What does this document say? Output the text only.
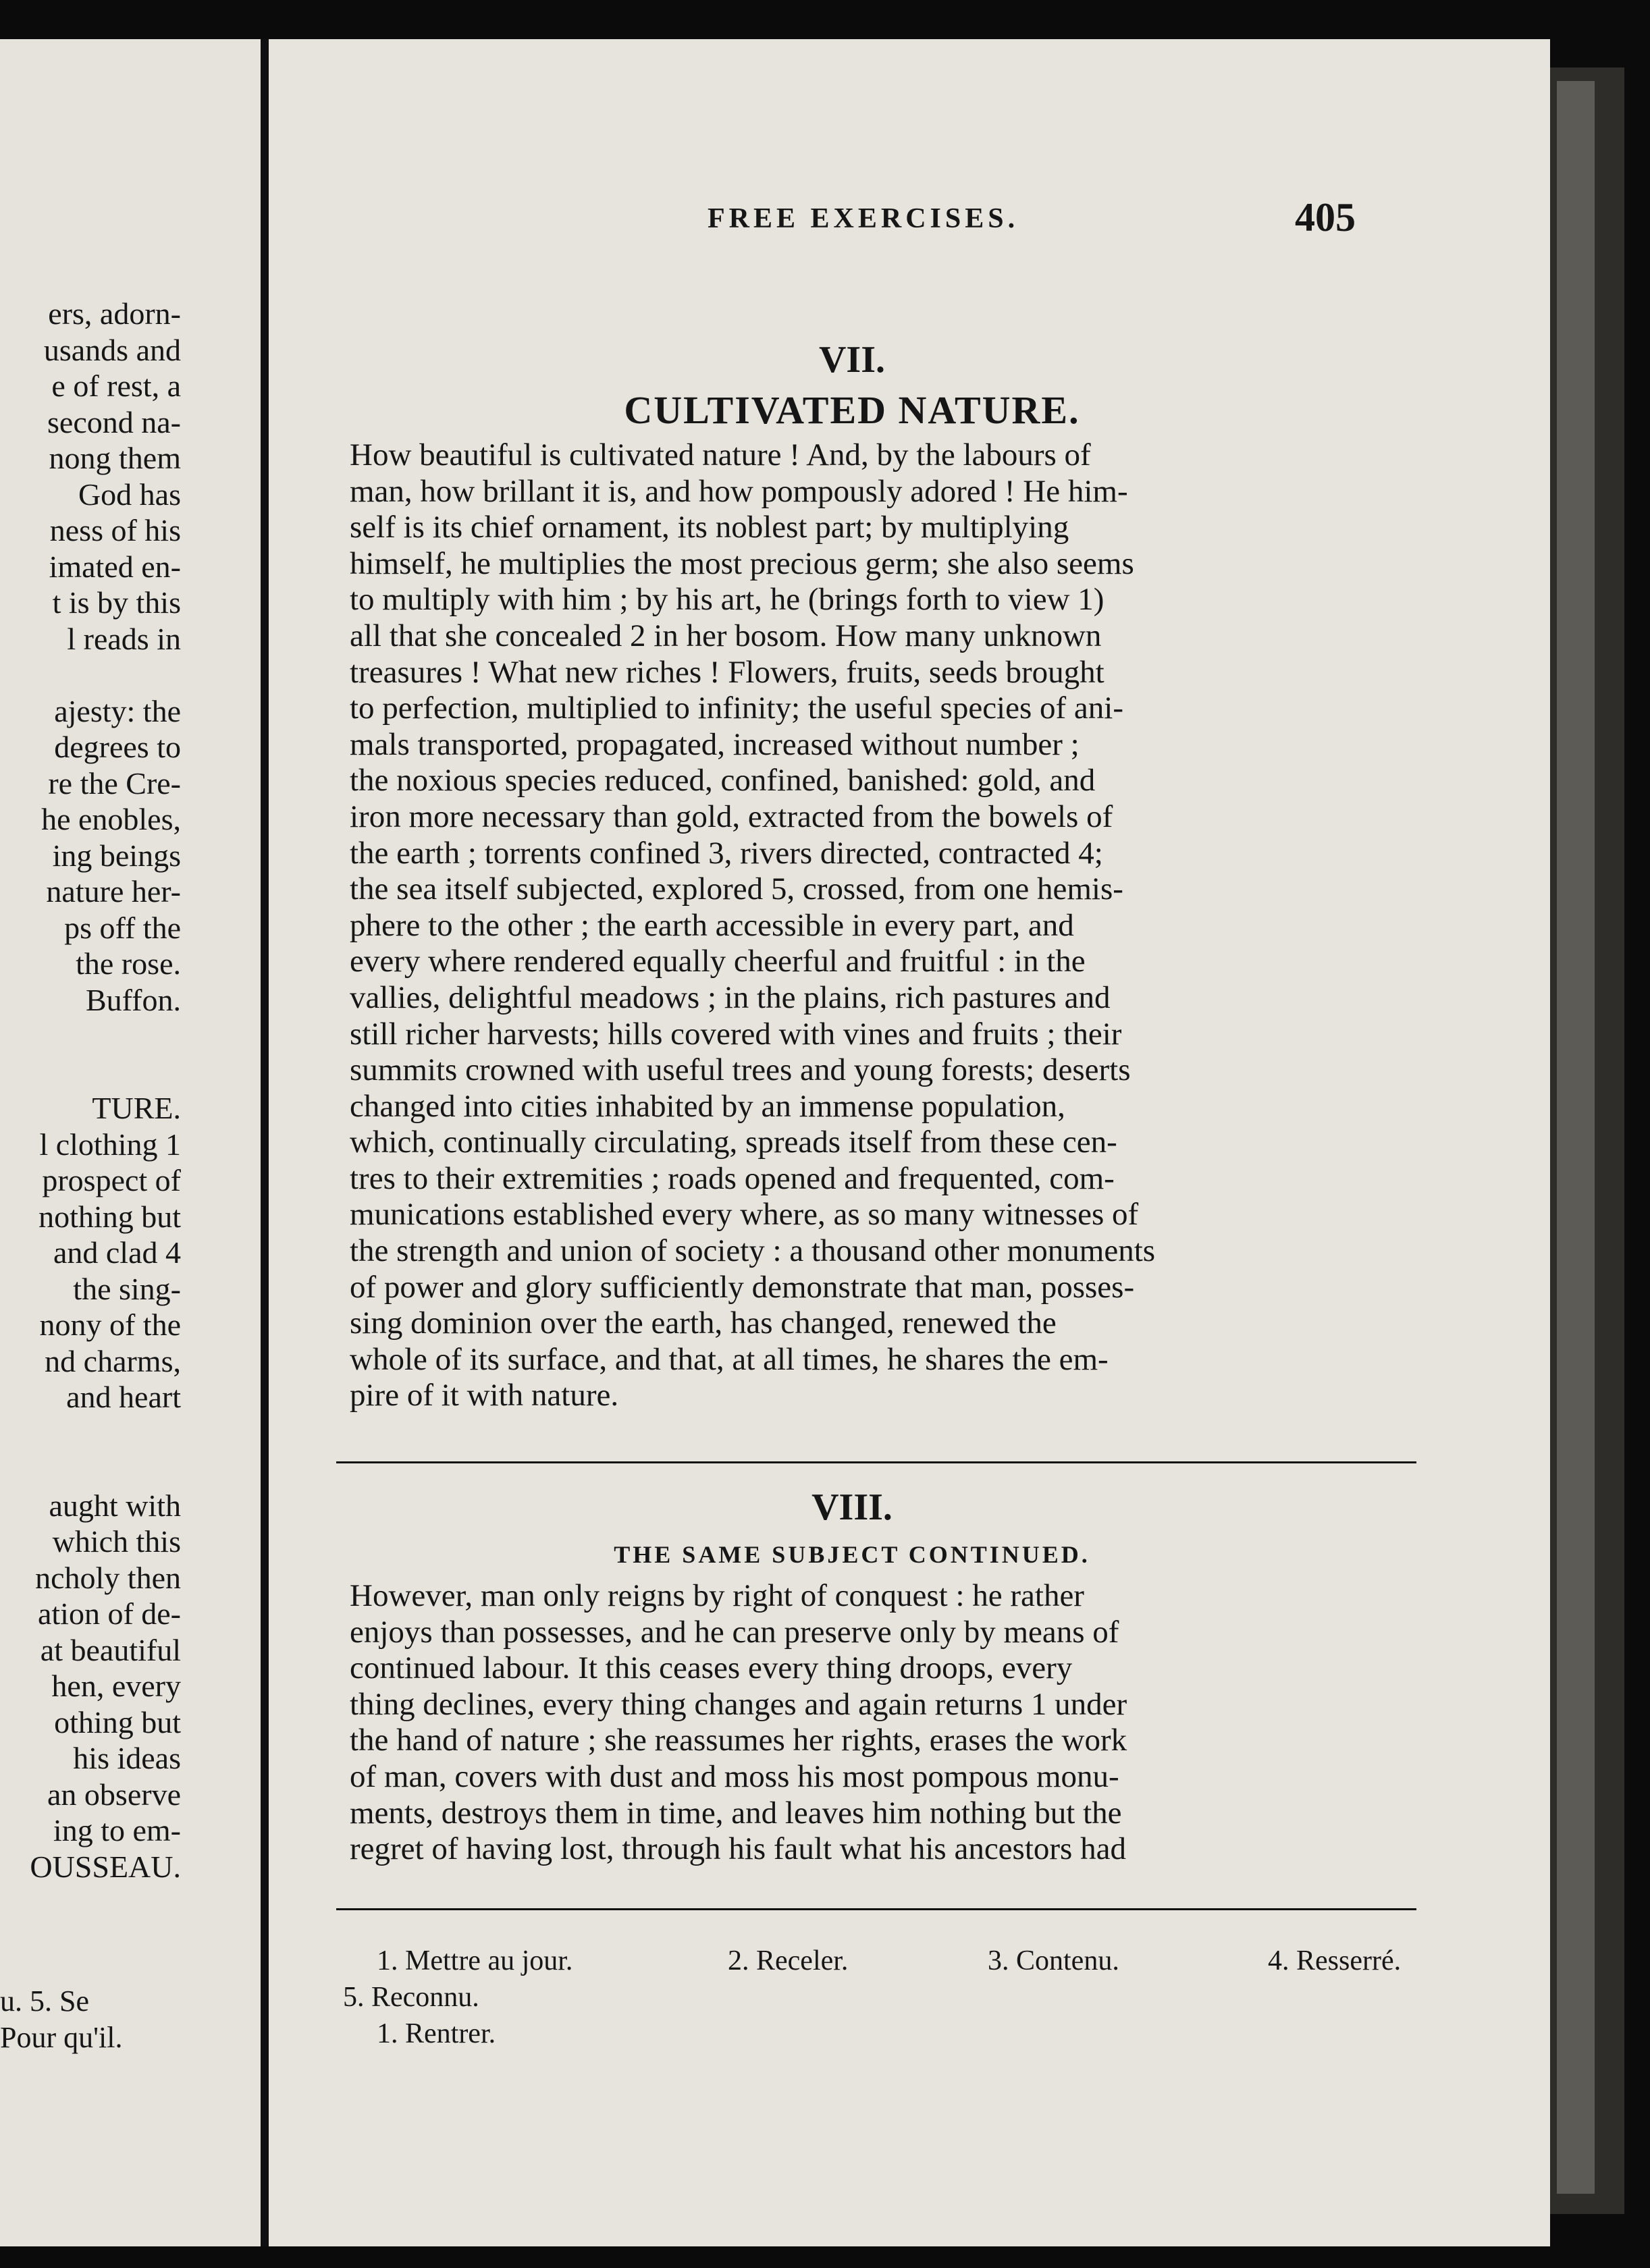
ers, adorn-
usands and
e of rest, a
second na-
nong them
God has
ness of his
imated en-
t is by this
l reads in
ajesty: the
degrees to
re the Cre-
he enobles,
ing beings
nature her-
ps off the
the rose.
Buffon.
TURE.
l clothing 1
prospect of
nothing but
and clad 4
the sing-
nony of the
nd charms,
and heart
aught with
which this
ncholy then
ation of de-
at beautiful
hen, every
othing but
his ideas
an observe
ing to em-
OUSSEAU.
u. 5. Se
Pour qu'il.
FREE EXERCISES.	405
VII.
CULTIVATED NATURE.
How beautiful is cultivated nature ! And, by the labours of
man, how brillant it is, and how pompously adored ! He him-
self is its chief ornament, its noblest part; by multiplying
himself, he multiplies the most precious germ; she also seems
to multiply with him ; by his art, he (brings forth to view 1)
all that she concealed 2 in her bosom. How many unknown
treasures ! What new riches ! Flowers, fruits, seeds brought
to perfection, multiplied to infinity; the useful species of ani-
mals transported, propagated, increased without number ;
the noxious species reduced, confined, banished: gold, and
iron more necessary than gold, extracted from the bowels of
the earth ; torrents confined 3, rivers directed, contracted 4;
the sea itself subjected, explored 5, crossed, from one hemis-
phere to the other ; the earth accessible in every part, and
every where rendered equally cheerful and fruitful : in the
vallies, delightful meadows ; in the plains, rich pastures and
still richer harvests; hills covered with vines and fruits ; their
summits crowned with useful trees and young forests; deserts
changed into cities inhabited by an immense population,
which, continually circulating, spreads itself from these cen-
tres to their extremities ; roads opened and frequented, com-
munications established every where, as so many witnesses of
the strength and union of society : a thousand other monuments
of power and glory sufficiently demonstrate that man, posses-
sing dominion over the earth, has changed, renewed the
whole of its surface, and that, at all times, he shares the em-
pire of it with nature.
VIII.
THE SAME SUBJECT CONTINUED.
However, man only reigns by right of conquest : he rather
enjoys than possesses, and he can preserve only by means of
continued labour. It this ceases every thing droops, every
thing declines, every thing changes and again returns 1 under
the hand of nature ; she reassumes her rights, erases the work
of man, covers with dust and moss his most pompous monu-
ments, destroys them in time, and leaves him nothing but the
regret of having lost, through his fault what his ancestors had
1. Mettre au jour.	2. Receler.	3. Contenu.	4. Resserré.
5. Reconnu.
1. Rentrer.
